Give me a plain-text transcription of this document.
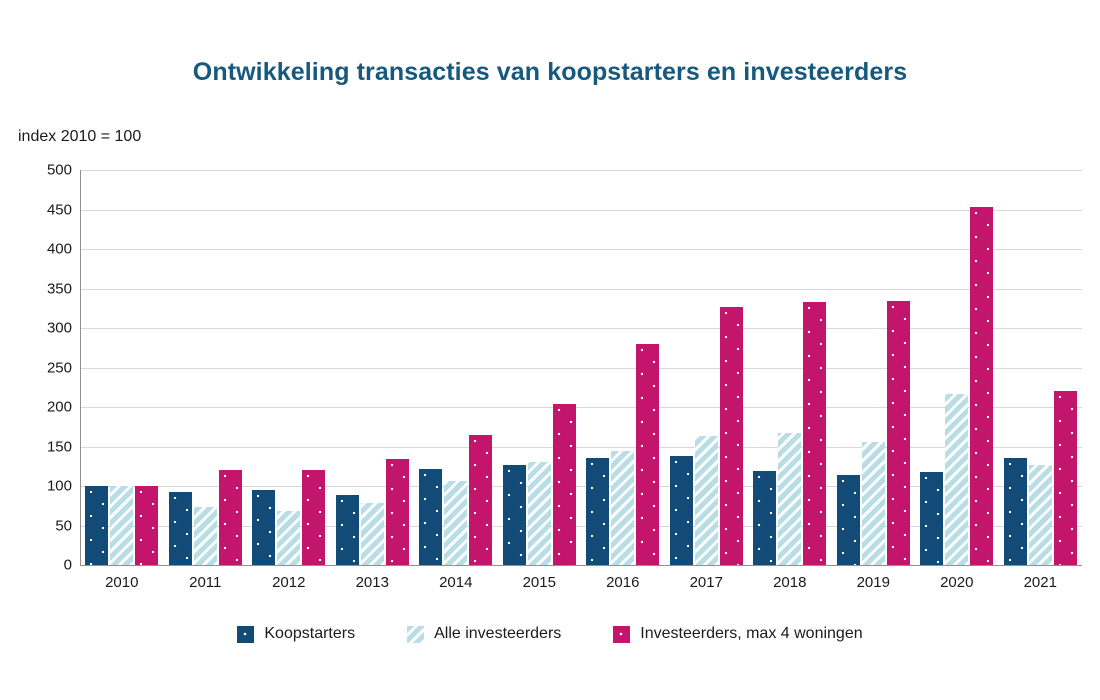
Ontwikkeling transacties van koopstarters en investeerders
index 2010 = 100
500
450
400
350
300
250
200
150
100
50
0
2010	2011	2012	2013	2014	2015	2016	2017	2018	2019	2020	2021
Koopstarters	Alle investeerders	Investeerders, max 4 woningen
